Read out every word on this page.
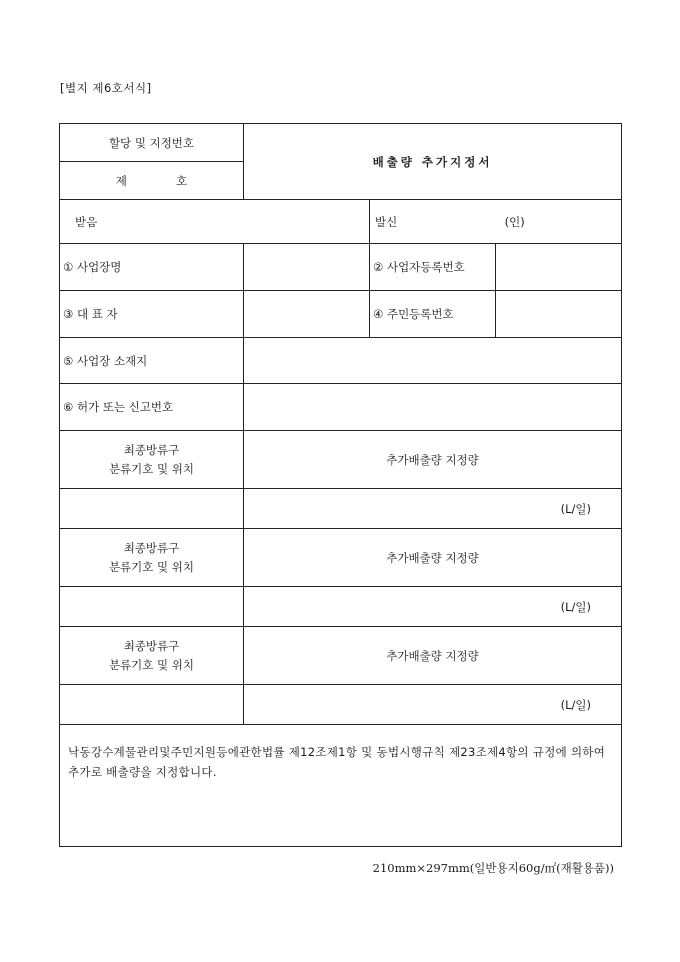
[별지 제6호서식]
할당 및 지정번호	배출량 추가지정서		
제 호			
받음		발신 (인)	
① 사업장명		② 사업자등록번호	
③ 대 표 자		④ 주민등록번호	
⑤ 사업장 소재지			
⑥ 허가 또는 신고번호			

최종방류구
분류기호 및 위치	추가배출량 지정량		
	(L/일)		

최종방류구
분류기호 및 위치	추가배출량 지정량		
	(L/일)		

최종방류구
분류기호 및 위치	추가배출량 지정량		
	(L/일)		
낙동강수계물관리및주민지원등에관한법률 제12조제1항 및 동법시행규칙 제23조제4항의 규정에 의하여 추가로 배출량을 지정합니다.			
210mm×297mm(일반용지60g/㎡(재활용품))
